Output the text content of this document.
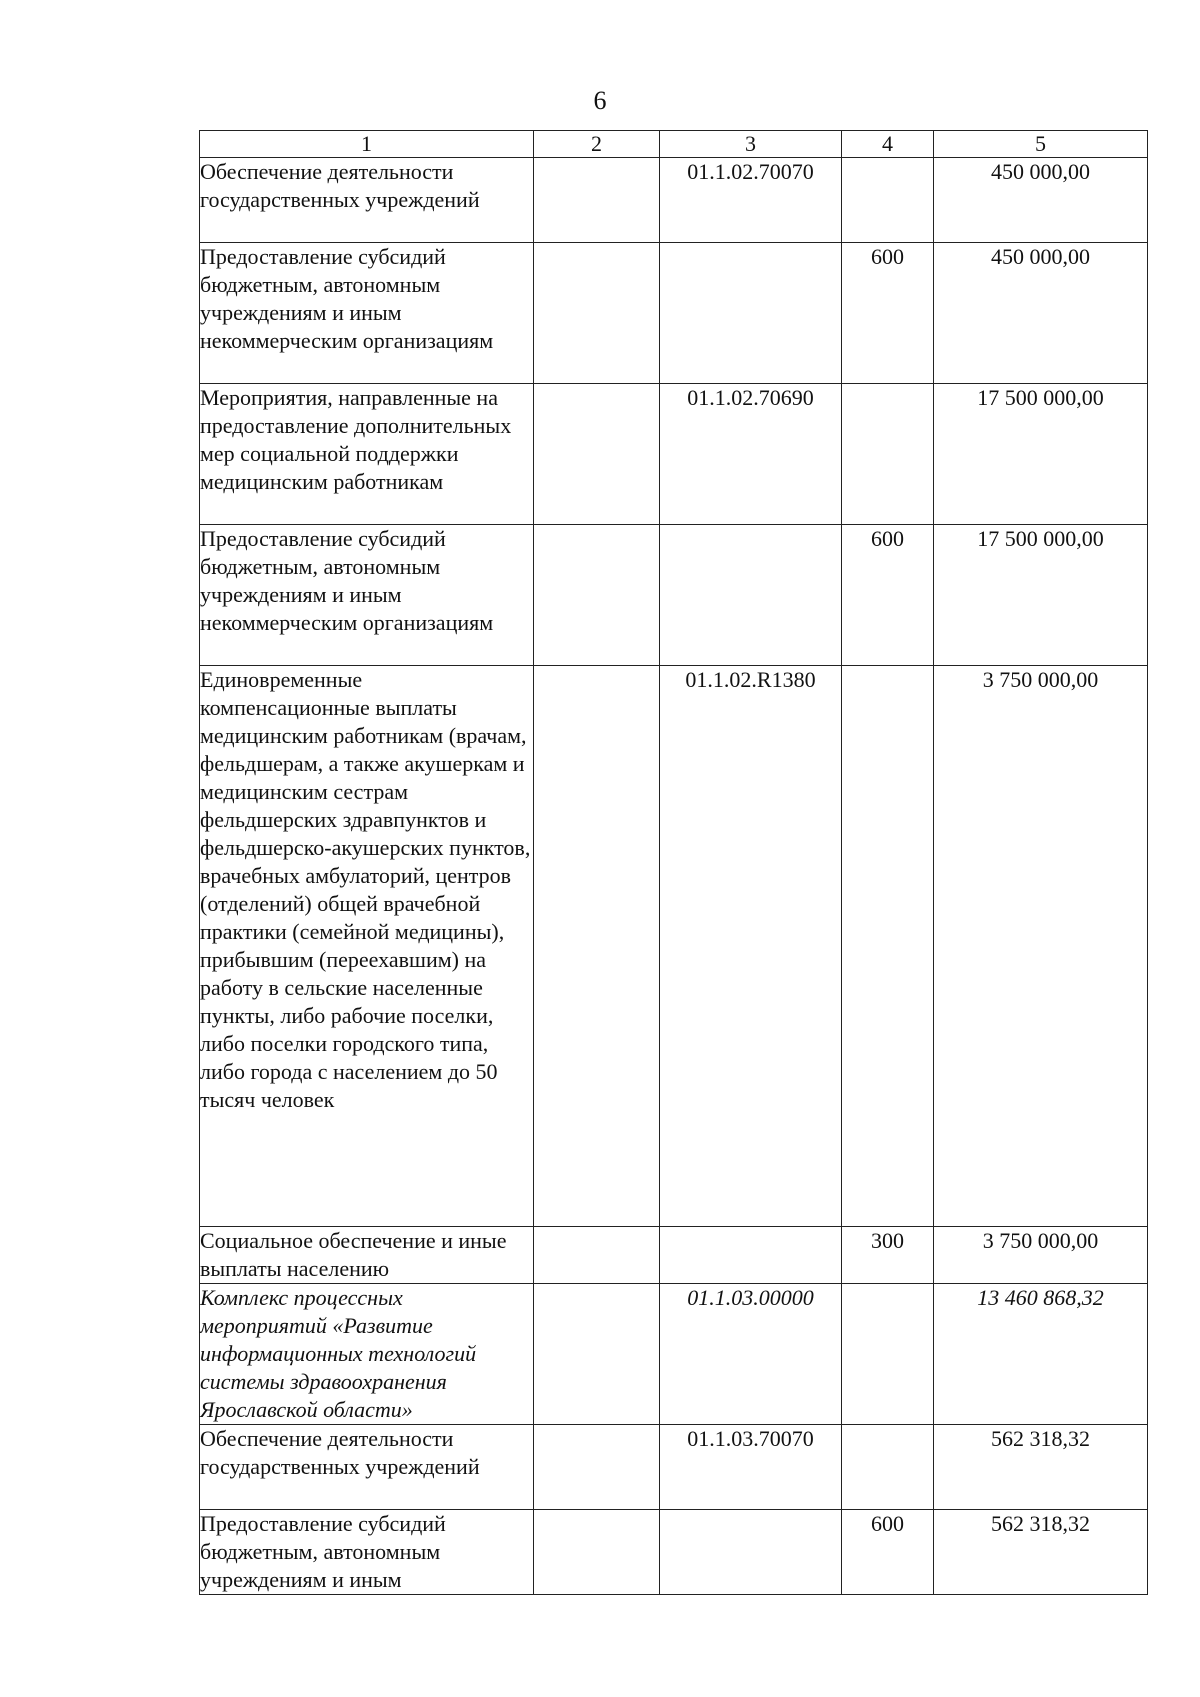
6
1	2	3	4	5
Обеспечение деятельности государственных учреждений		01.1.02.70070		450 000,00
Предоставление субсидий бюджетным, автономным учреждениям и иным некоммерческим организациям			600	450 000,00
Мероприятия, направленные на предоставление дополнительных мер социальной поддержки медицинским работникам		01.1.02.70690		17 500 000,00
Предоставление субсидий бюджетным, автономным учреждениям и иным некоммерческим организациям			600	17 500 000,00
Единовременные компенсационные выплаты медицинским работникам (врачам, фельдшерам, а также акушеркам и медицинским сестрам фельдшерских здравпунктов и фельдшерско-акушерских пунктов, врачебных амбулаторий, центров (отделений) общей врачебной практики (семейной медицины), прибывшим (переехавшим) на работу в сельские населенные пункты, либо рабочие поселки, либо поселки городского типа, либо города с населением до 50 тысяч человек		01.1.02.R1380		3 750 000,00
Социальное обеспечение и иные выплаты населению			300	3 750 000,00
Комплекс процессных мероприятий «Развитие информационных технологий системы здравоохранения Ярославской области»		01.1.03.00000		13 460 868,32
Обеспечение деятельности государственных учреждений		01.1.03.70070		562 318,32
Предоставление субсидий бюджетным, автономным учреждениям и иным			600	562 318,32
